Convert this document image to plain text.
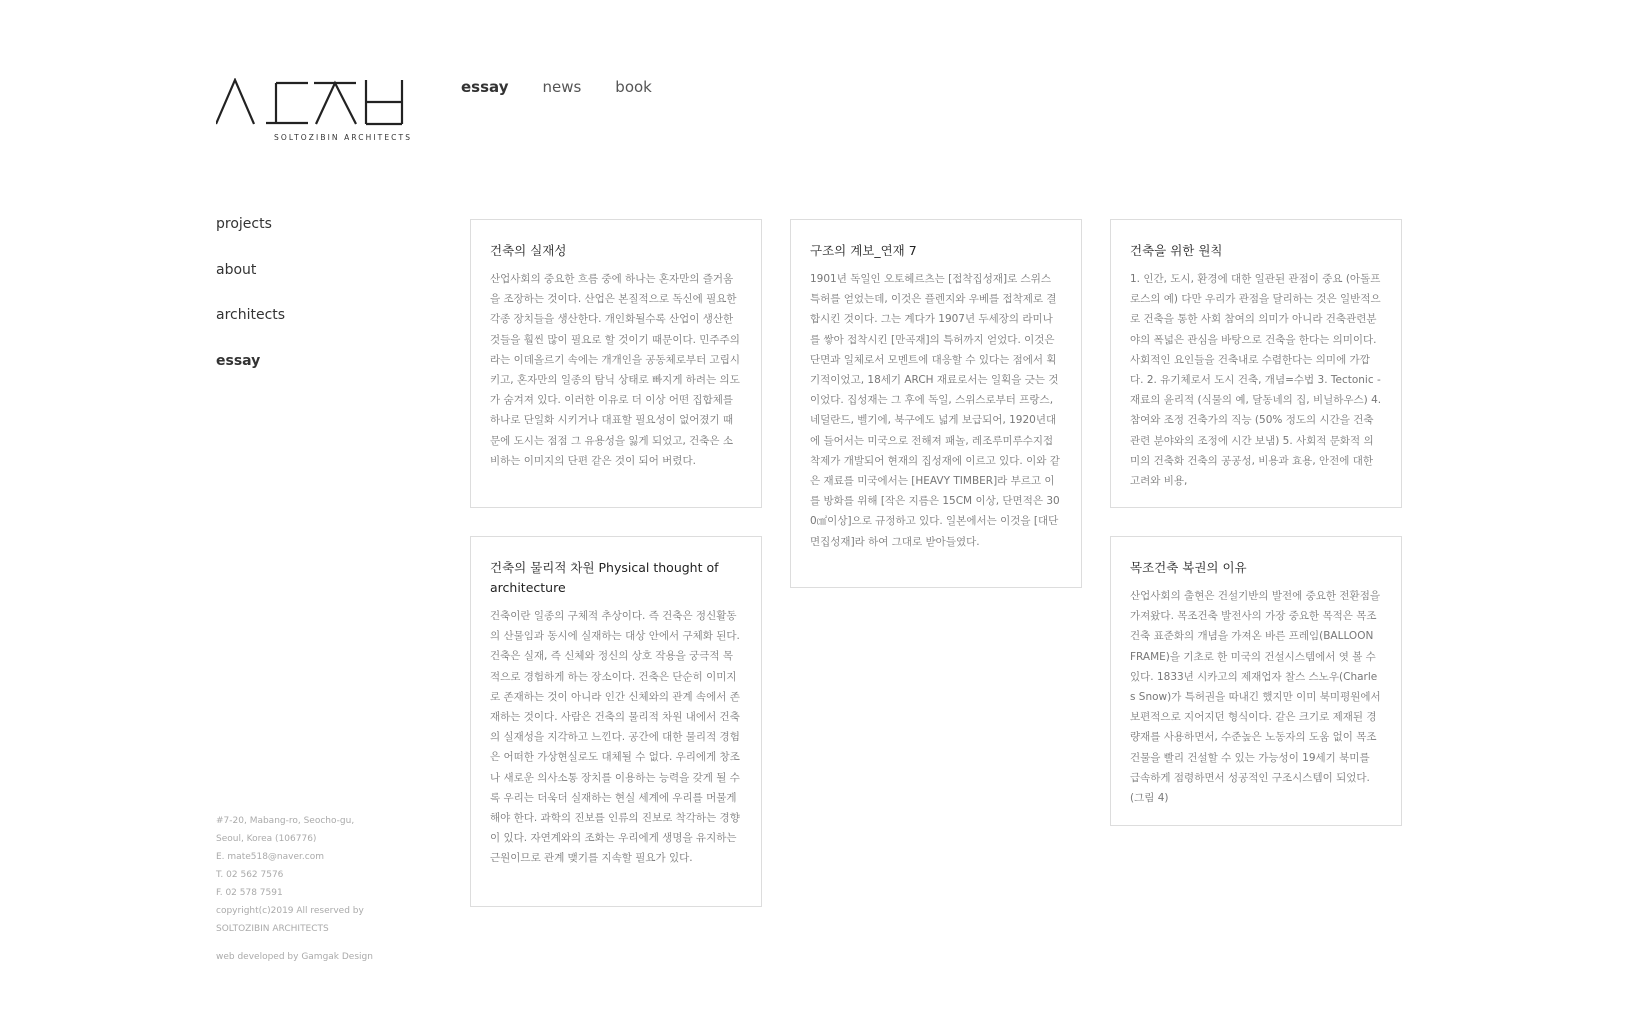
SOLTOZIBIN ARCHITECTS
essay news book
projects
about
architects
essay
#7-20, Mabang-ro, Seocho-gu,
Seoul, Korea (106776)
E. mate518@naver.com
T. 02 562 7576
F. 02 578 7591
copyright(c)2019 All reserved by
SOLTOZIBIN ARCHITECTS
web developed by Gamgak Design
건축의 실재성

산업사회의 중요한 흐름 중에 하나는 혼자만의 즐거움을 조장하는 것이다. 산업은 본질적으로 독신에 필요한 각종 장치들을 생산한다. 개인화될수록 산업이 생산한 것들을 훨씬 많이 필요로 할 것이기 때문이다. 민주주의라는 이데올르기 속에는 개개인을 공동체로부터 고립시키고, 혼자만의 일종의 탐닉 상태로 빠지게 하려는 의도가 숨겨져 있다. 이러한 이유로 더 이상 어떤 집합체를 하나로 단일화 시키거나 대표할 필요성이 없어졌기 때문에 도시는 점점 그 유용성을 잃게 되었고, 건축은 소비하는 이미지의 단편 같은 것이 되어 버렸다.

구조의 계보_연재 7

1901년 독일인 오토헤르츠는 [접착집성재]로 스위스 특허를 얻었는데, 이것은 플렌지와 우베를 접착제로 결합시킨 것이다. 그는 계다가 1907년 두세장의 라미나를 쌓아 접착시킨 [만곡재]의 특허까지 얻었다. 이것은 단면과 일체로서 모멘트에 대응할 수 있다는 점에서 획기적이었고, 18세기 ARCH 재료로서는 일획을 긋는 것이었다. 집성재는 그 후에 독일, 스위스로부터 프랑스, 네덜란드, 벨기에, 북구에도 넓게 보급되어, 1920년대에 들어서는 미국으로 전해져 패놀, 레조루미루수지접착제가 개발되어 현재의 집성재에 이르고 있다. 이와 같은 재료를 미국에서는 [HEAVY TIMBER]라 부르고 이를 방화를 위해 [작은 지름은 15CM 이상, 단면적은 300㎠이상]으로 규정하고 있다. 일본에서는 이것을 [대단면집성재]라 하여 그대로 받아들였다.

건축을 위한 원칙

1. 인간, 도시, 환경에 대한 일관된 관점이 중요 (아돌프 로스의 예) 다만 우리가 관점을 달리하는 것은 일반적으로 건축을 통한 사회 참여의 의미가 아니라 건축관련분야의 폭넓은 관심을 바탕으로 건축을 한다는 의미이다. 사회적인 요인들을 건축내로 수렴한다는 의미에 가깝다. 2. 유기체로서 도시 건축, 개념=수법 3. Tectonic - 재료의 윤리적 (식물의 예, 달동네의 집, 비닐하우스) 4. 참여와 조정 건축가의 직능 (50% 정도의 시간을 건축 관련 분야와의 조정에 시간 보냄) 5. 사회적 문화적 의미의 건축화 건축의 공공성, 비용과 효용, 안전에 대한 고려와 비용,

건축의 물리적 차원 Physical thought of architecture

건축이란 일종의 구체적 추상이다. 즉 건축은 정신활동의 산물임과 동시에 실재하는 대상 안에서 구체화 된다. 건축은 실재, 즉 신체와 정신의 상호 작용을 궁극적 목적으로 경험하게 하는 장소이다. 건축은 단순히 이미지로 존재하는 것이 아니라 인간 신체와의 관계 속에서 존재하는 것이다. 사람은 건축의 물리적 차원 내에서 건축의 실재성을 지각하고 느낀다. 공간에 대한 물리적 경험은 어떠한 가상현실로도 대체될 수 없다. 우리에게 창조나 새로운 의사소통 장치를 이용하는 능력을 갖게 될 수록 우리는 더욱더 실재하는 현실 세계에 우리를 머물게 해야 한다. 과학의 진보를 인류의 진보로 착각하는 경향이 있다. 자연계와의 조화는 우리에게 생명을 유지하는 근원이므로 관계 맺기를 지속할 필요가 있다.

목조건축 복권의 이유

산업사회의 출현은 건설기반의 발전에 중요한 전환점을 가져왔다. 목조건축 발전사의 가장 중요한 목적은 목조건축 표준화의 개념을 가져온 바른 프레임(BALLOON FRAME)을 기초로 한 미국의 건설시스템에서 엿 볼 수 있다. 1833년 시카고의 제재업자 찰스 스노우(Charles Snow)가 특허권을 따내긴 했지만 이미 북미평원에서 보편적으로 지어지던 형식이다. 같은 크기로 제재된 경량재를 사용하면서, 수준높은 노동자의 도움 없이 목조건물을 빨리 건설할 수 있는 가능성이 19세기 북미를 급속하게 점령하면서 성공적인 구조시스템이 되었다.(그림 4)
